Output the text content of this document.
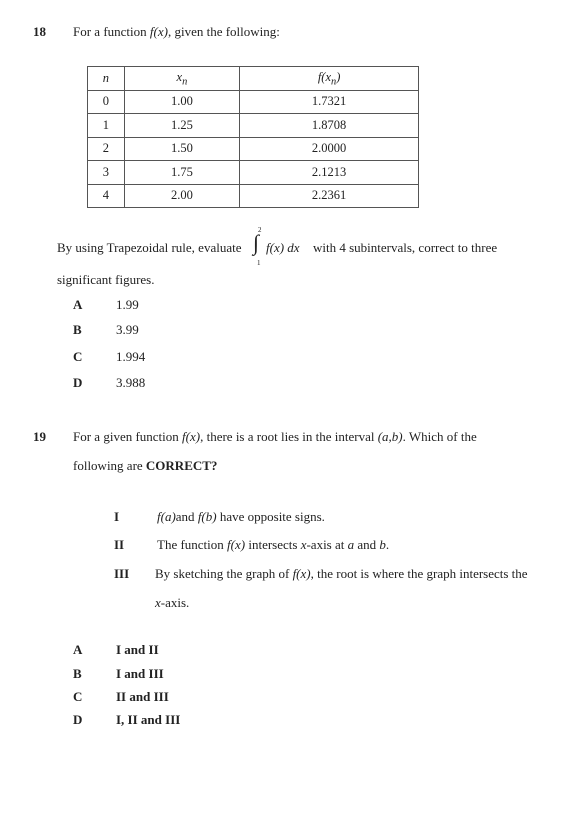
18 For a function f(x), given the following:
n	$x_n$	$f(x_n)$
0	1.00	1.7321
1	1.25	1.8708
2	1.50	2.0000
3	1.75	2.1213
4	2.00	2.2361
By using Trapezoidal rule, evaluate
2
∫
1
f(x) dx with 4 subintervals, correct to three
significant figures.
A	1.99
B	3.99
C	1.994
D	3.988
19 For a given function f(x), there is a root lies in the interval (a,b). Which of the
following are CORRECT?
I	f(a)and f(b) have opposite signs.
II	The function f(x) intersects x-axis at a and b.
III By sketching the graph of f(x), the root is where the graph intersects the
x-axis.
A	I and II
B	I and III
C	II and III
D	I, II and III
